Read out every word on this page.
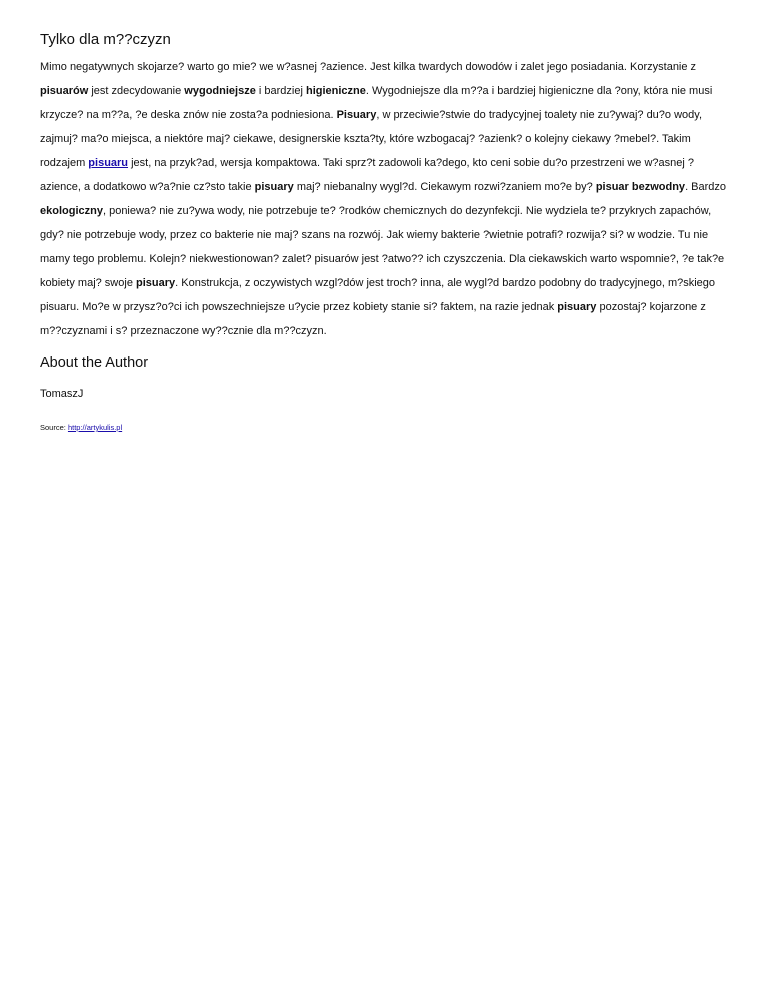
Tylko dla m??czyzn

Mimo negatywnych skojarze? warto go mie? we w?asnej ?azience. Jest kilka twardych dowodów i zalet jego posiadania. Korzystanie z pisuarów jest zdecydowanie wygodniejsze i bardziej higieniczne. Wygodniejsze dla m??a i bardziej higieniczne dla ?ony, która nie musi krzycze? na m??a, ?e deska znów nie zosta?a podniesiona. Pisuary, w przeciwie?stwie do tradycyjnej toalety nie zu?ywaj? du?o wody, zajmuj? ma?o miejsca, a niektóre maj? ciekawe, designerskie kszta?ty, które wzbogacaj? ?azienk? o kolejny ciekawy ?mebel?. Takim rodzajem pisuaru jest, na przyk?ad, wersja kompaktowa. Taki sprz?t zadowoli ka?dego, kto ceni sobie du?o przestrzeni we w?asnej ?azience, a dodatkowo w?a?nie cz?sto takie pisuary maj? niebanalny wygl?d. Ciekawym rozwi?zaniem mo?e by? pisuar bezwodny. Bardzo ekologiczny, poniewa? nie zu?ywa wody, nie potrzebuje te? ?rodków chemicznych do dezynfekcji. Nie wydziela te? przykrych zapachów, gdy? nie potrzebuje wody, przez co bakterie nie maj? szans na rozwój. Jak wiemy bakterie ?wietnie potrafi? rozwija? si? w wodzie. Tu nie mamy tego problemu. Kolejn? niekwestionowan? zalet? pisuarów jest ?atwo?? ich czyszczenia. Dla ciekawskich warto wspomnie?, ?e tak?e kobiety maj? swoje pisuary. Konstrukcja, z oczywistych wzgl?dów jest troch? inna, ale wygl?d bardzo podobny do tradycyjnego, m?skiego pisuaru. Mo?e w przysz?o?ci ich powszechniejsze u?ycie przez kobiety stanie si? faktem, na razie jednak pisuary pozostaj? kojarzone z m??czyznami i s? przeznaczone wy??cznie dla m??czyzn.

About the Author

TomaszJ

Source: http://artykulis.pl
